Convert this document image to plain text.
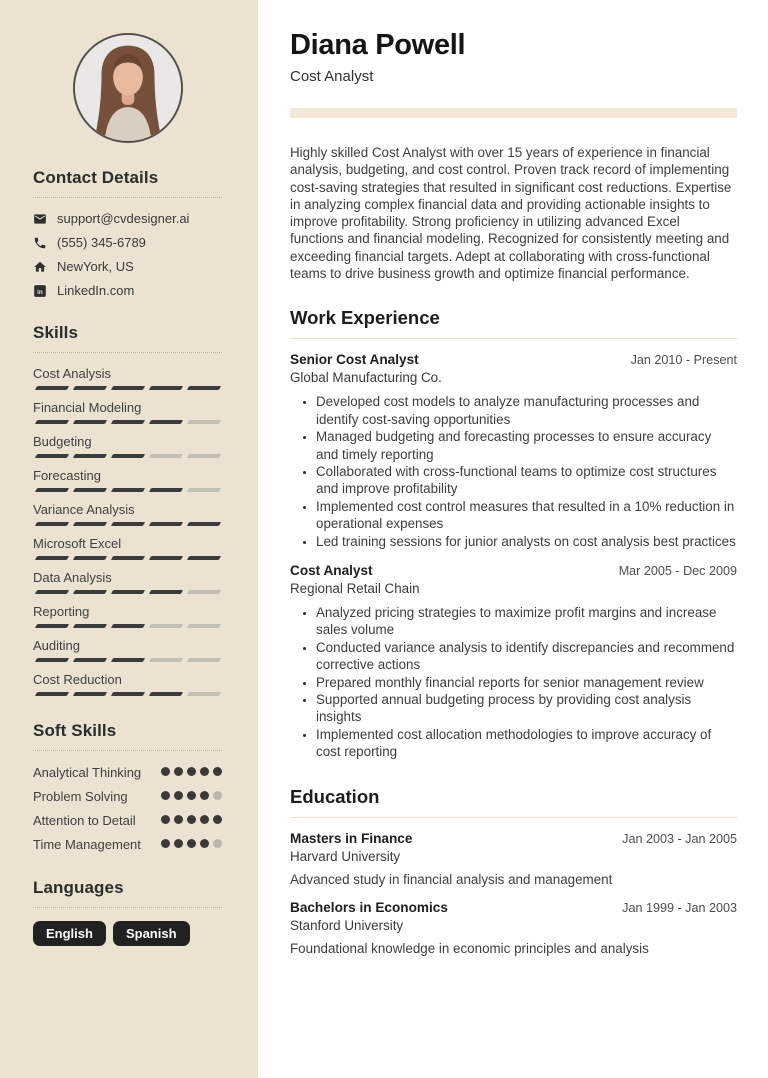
Contact Details
support@cvdesigner.ai
(555) 345-6789
NewYork, US
in LinkedIn.com
Skills
Cost Analysis
Financial Modeling
Budgeting
Forecasting
Variance Analysis
Microsoft Excel
Data Analysis
Reporting
Auditing
Cost Reduction
Soft Skills
Analytical Thinking
Problem Solving
Attention to Detail
Time Management
Languages
English	Spanish
Diana Powell
Cost Analyst

Highly skilled Cost Analyst with over 15 years of experience in financial analysis, budgeting, and cost control. Proven track record of implementing cost-saving strategies that resulted in significant cost reductions. Expertise in analyzing complex financial data and providing actionable insights to improve profitability. Strong proficiency in utilizing advanced Excel functions and financial modeling. Recognized for consistently meeting and exceeding financial targets. Adept at collaborating with cross-functional teams to drive business growth and optimize financial performance.

Work Experience
Senior Cost Analyst	Jan 2010 - Present
Global Manufacturing Co.
• Developed cost models to analyze manufacturing processes and identify cost-saving opportunities
• Managed budgeting and forecasting processes to ensure accuracy and timely reporting
• Collaborated with cross-functional teams to optimize cost structures and improve profitability
• Implemented cost control measures that resulted in a 10% reduction in operational expenses
• Led training sessions for junior analysts on cost analysis best practices
Cost Analyst	Mar 2005 - Dec 2009
Regional Retail Chain
• Analyzed pricing strategies to maximize profit margins and increase sales volume
• Conducted variance analysis to identify discrepancies and recommend corrective actions
• Prepared monthly financial reports for senior management review
• Supported annual budgeting process by providing cost analysis insights
• Implemented cost allocation methodologies to improve accuracy of cost reporting
Education
Masters in Finance	Jan 2003 - Jan 2005
Harvard University
Advanced study in financial analysis and management
Bachelors in Economics	Jan 1999 - Jan 2003
Stanford University
Foundational knowledge in economic principles and analysis
